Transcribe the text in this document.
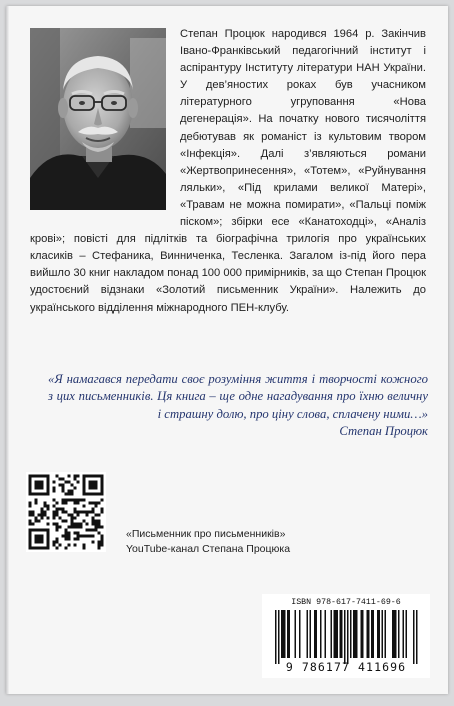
Степан Процюк народився 1964 р. Закінчив Івано-Франківський педагогічний інститут і аспірантуру Інституту літератури НАН України. У дев’яностих роках був учасником літературного угруповання «Нова дегенерація». На початку нового тисячоліття дебютував як романіст із культовим твором «Інфекція». Далі з’являються романи «Жертвопринесення», «Тотем», «Руйнування ляльки», «Під крилами великої Матері», «Травам не можна помирати», «Пальці поміж піском»; збірки есе «Канатоходці», «Аналіз крові»; повісті для підлітків та біографічна трилогія про українських класиків – Стефаника, Винниченка, Тесленка. Загалом із-під його пера вийшло 30 книг накладом понад 100 000 примірників, за що Степан Процюк удостоєний відзнаки «Золотий письменник України». Належить до українського відділення міжнародного ПЕН-клубу.

«Я намагався передати своє розуміння життя і творчості кожного з цих письменників. Ця книга – ще одне нагадування про їхню величну і страшну долю, про ціну слова, сплачену ними…»
Степан Процюк
«Письменник про письменників»
YouTube-канал Степана Процюка
ISBN 978-617-7411-69-6
9 786177 411696
